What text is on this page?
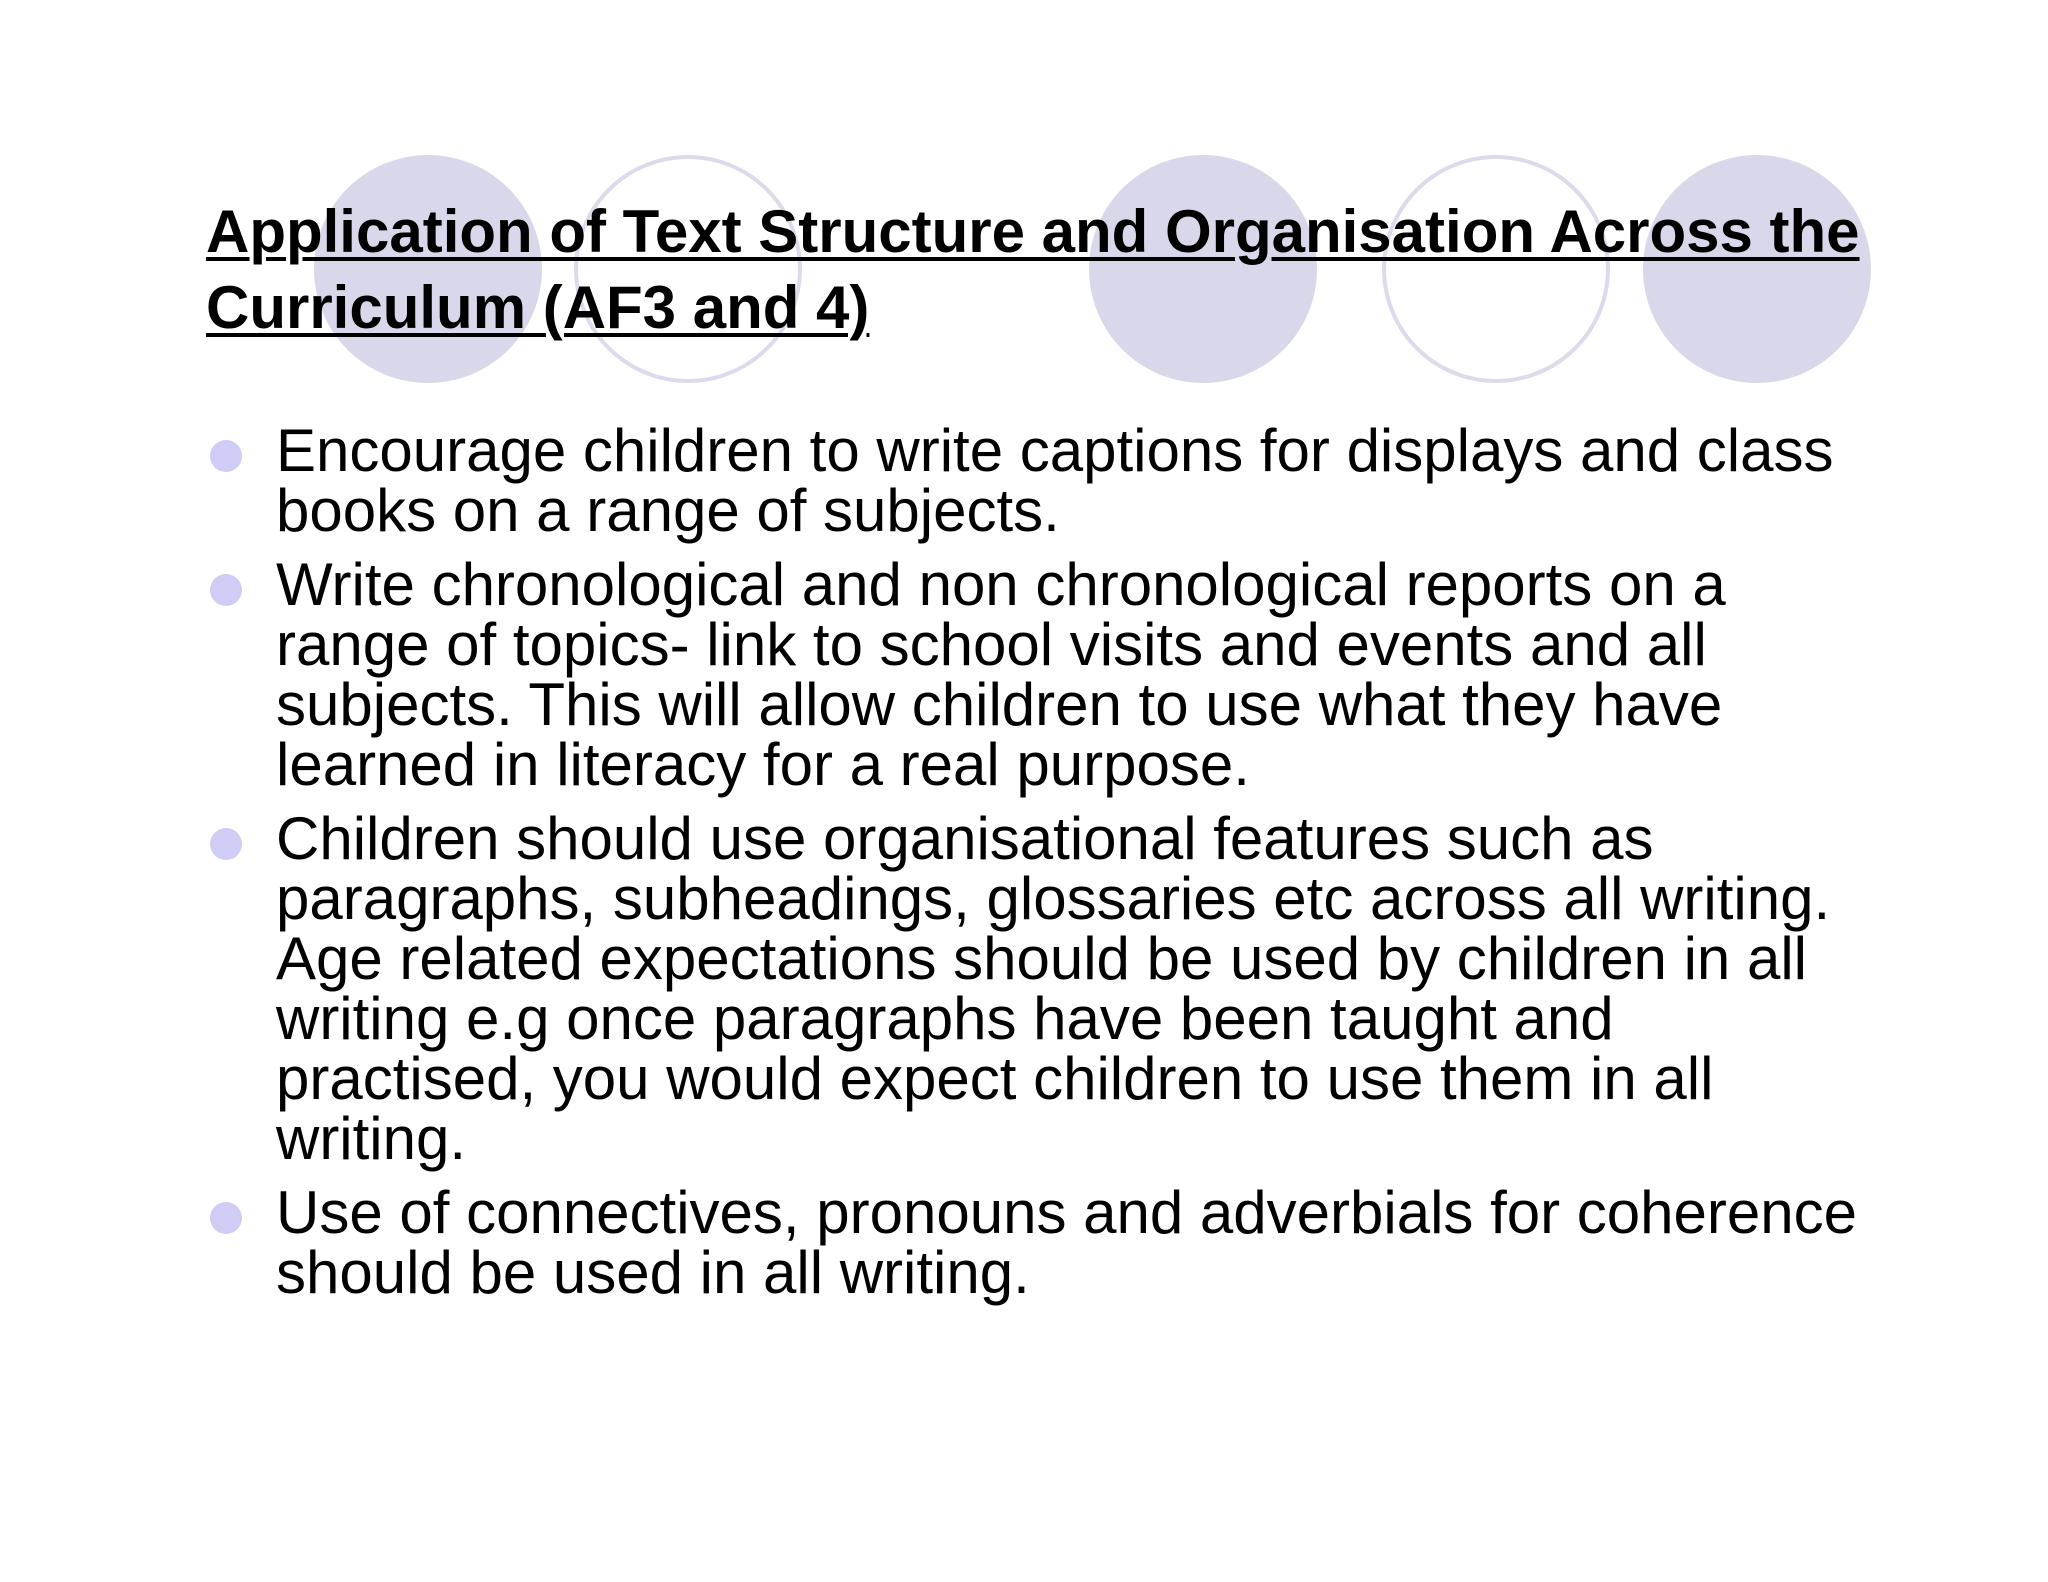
Application of Text Structure and Organisation Across the Curriculum (AF3 and 4)
Encourage children to write captions for displays and class books on a range of subjects.
Write chronological and non chronological reports on a range of topics- link to school visits and events and all subjects. This will allow children to use what they have learned in literacy for a real purpose.
Children should use organisational features such as paragraphs, subheadings, glossaries etc across all writing. Age related expectations should be used by children in all writing e.g once paragraphs have been taught and practised, you would expect children to use them in all writing.
Use of connectives, pronouns and adverbials for coherence should be used in all writing.
